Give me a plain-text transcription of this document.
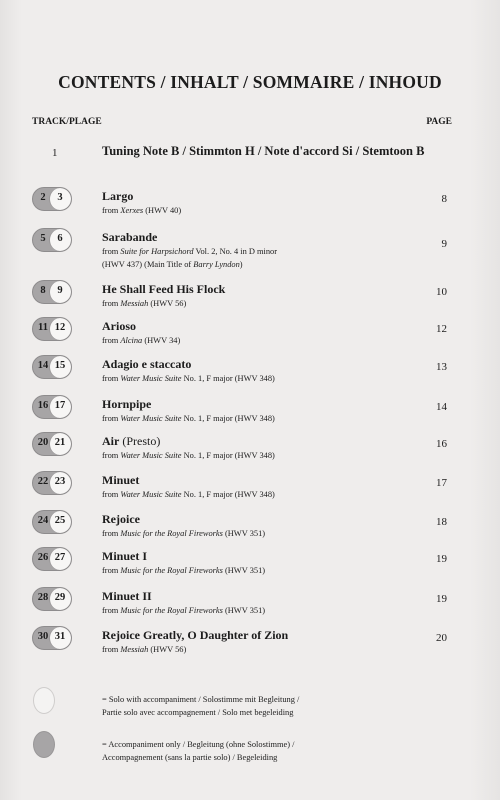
CONTENTS / INHALT / SOMMAIRE / INHOUD
TRACK/PLAGE	PAGE
1	Tuning Note B / Stimmton H / Note d'accord Si / Stemtoon B
2	3	Largo
from Xerxes (HWV 40)
8
5	6	Sarabande
from Suite for Harpsichord Vol. 2, No. 4 in D minor
(HWV 437) (Main Title of Barry Lyndon)
9
8	9	He Shall Feed His Flock
from Messiah (HWV 56)
10
11 12	Arioso
from Alcina (HWV 34)
12
14 15	Adagio e staccato
from Water Music Suite No. 1, F major (HWV 348)
13
16 17	Hornpipe
from Water Music Suite No. 1, F major (HWV 348)
14
20 21	Air (Presto)
from Water Music Suite No. 1, F major (HWV 348)
16
22 23	Minuet
from Water Music Suite No. 1, F major (HWV 348)
17
24 25	Rejoice
from Music for the Royal Fireworks (HWV 351)
18
26 27	Minuet I
from Music for the Royal Fireworks (HWV 351)
19
28 29	Minuet II
from Music for the Royal Fireworks (HWV 351)
19
30 31	Rejoice Greatly, O Daughter of Zion
from Messiah (HWV 56)
20
= Solo with accompaniment / Solostimme mit Begleitung /
Partie solo avec accompagnement / Solo met begeleiding
= Accompaniment only / Begleitung (ohne Solostimme) /
Accompagnement (sans la partie solo) / Begeleiding
